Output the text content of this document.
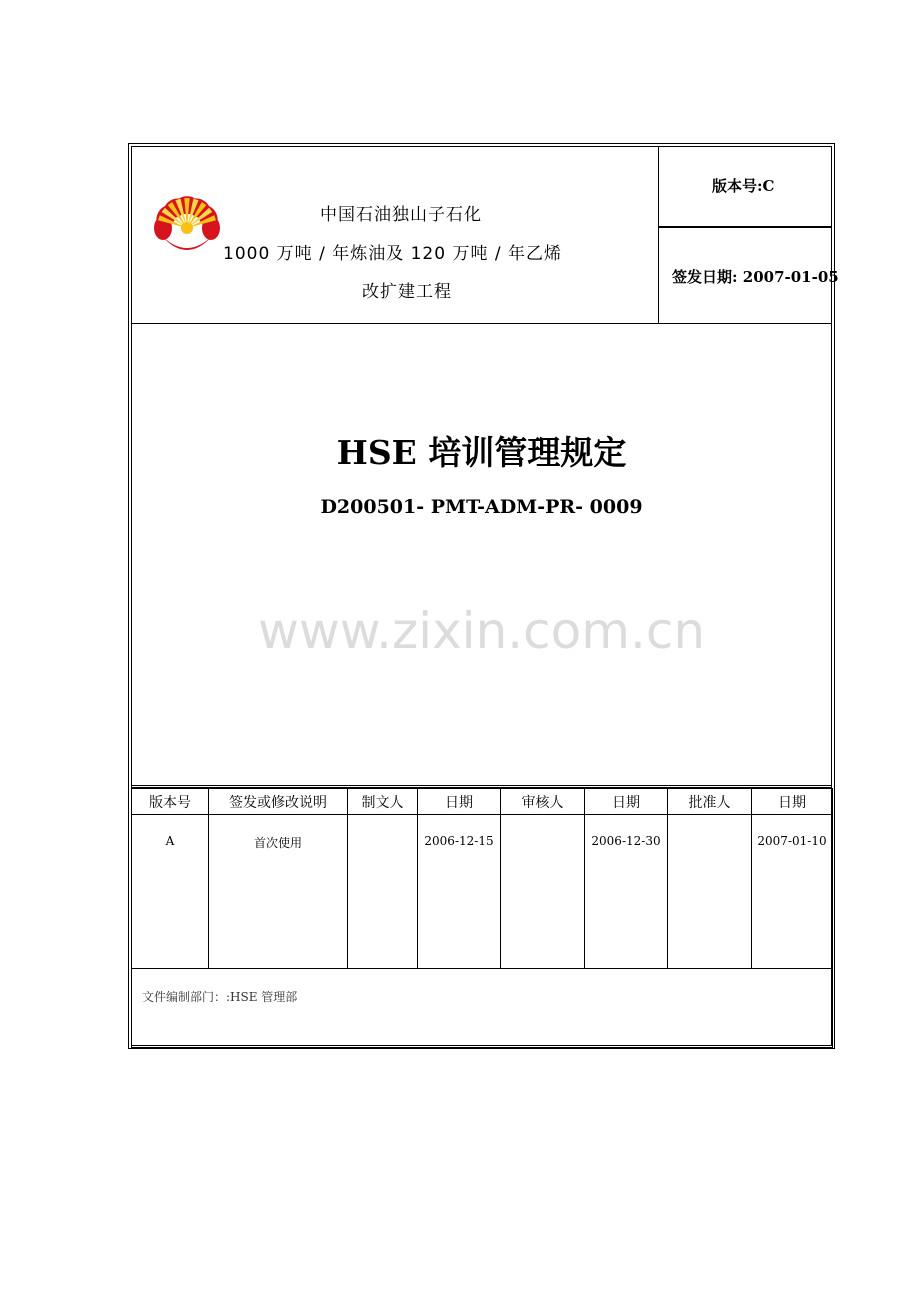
中国石油独山子石化
1000 万吨 / 年炼油及 120 万吨 / 年乙烯
改扩建工程
版本号:C
签发日期: 2007-01-05
HSE 培训管理规定
D200501- PMT-ADM-PR- 0009
www.zixin.com.cn
版本号	签发或修改说明	制文人	日期	审核人	日期	批准人	日期
A	首次使用		2006-12-15		2006-12-30		2007-01-10
文件编制部门：:HSE 管理部							
